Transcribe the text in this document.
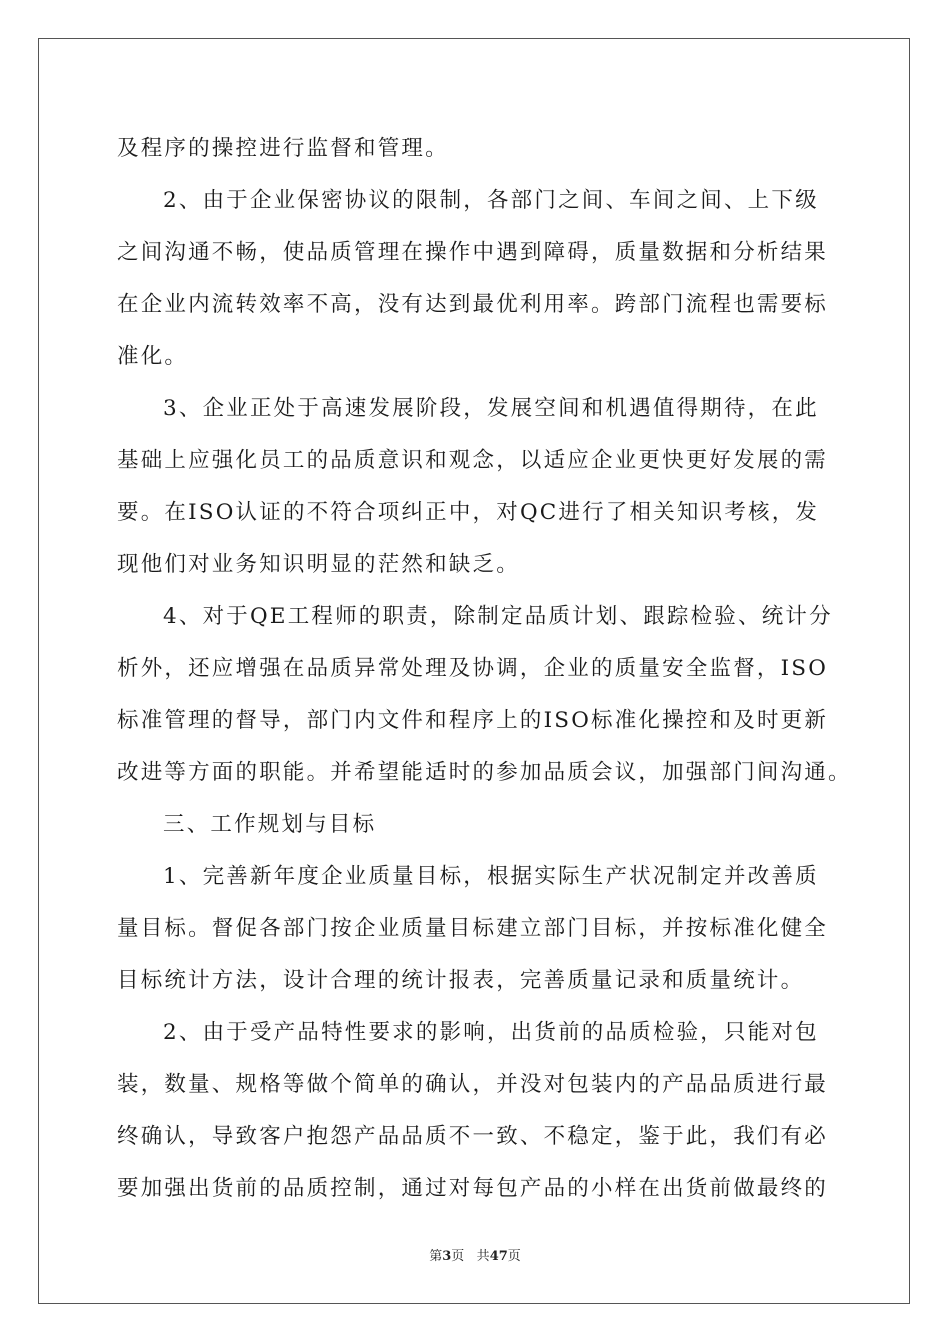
及程序的操控进行监督和管理。
2、由于企业保密协议的限制，各部门之间、车间之间、上下级
之间沟通不畅，使品质管理在操作中遇到障碍，质量数据和分析结果
在企业内流转效率不高，没有达到最优利用率。跨部门流程也需要标
准化。
3、企业正处于高速发展阶段，发展空间和机遇值得期待，在此
基础上应强化员工的品质意识和观念，以适应企业更快更好发展的需
要。在ISO认证的不符合项纠正中，对QC进行了相关知识考核，发
现他们对业务知识明显的茫然和缺乏。
4、对于QE工程师的职责，除制定品质计划、跟踪检验、统计分
析外，还应增强在品质异常处理及协调，企业的质量安全监督，ISO
标准管理的督导，部门内文件和程序上的ISO标准化操控和及时更新
改进等方面的职能。并希望能适时的参加品质会议，加强部门间沟通。
三、工作规划与目标
1、完善新年度企业质量目标，根据实际生产状况制定并改善质
量目标。督促各部门按企业质量目标建立部门目标，并按标准化健全
目标统计方法，设计合理的统计报表，完善质量记录和质量统计。
2、由于受产品特性要求的影响，出货前的品质检验，只能对包
装，数量、规格等做个简单的确认，并没对包装内的产品品质进行最
终确认，导致客户抱怨产品品质不一致、不稳定，鉴于此，我们有必
要加强出货前的品质控制，通过对每包产品的小样在出货前做最终的
第3页 共47页
